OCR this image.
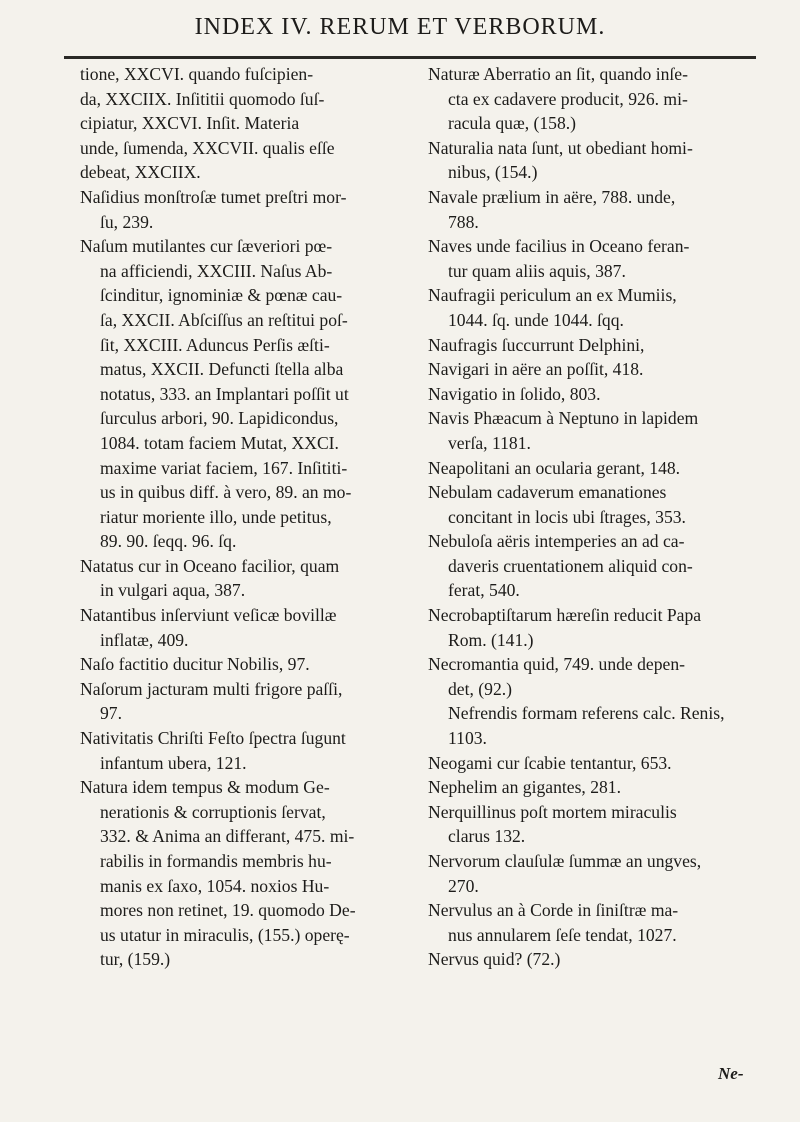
INDEX IV. RERUM ET VERBORUM.
tione, XXCVI. quando fuſcipien-
da, XXCIIX. Inſititii quomodo ſuſ-
cipiatur, XXCVI. Inſit. Materia
unde, ſumenda, XXCVII. qualis eſſe
debeat, XXCIIX.
Naſidius monſtroſæ tumet preſtri mor-
ſu, 239.
Naſum mutilantes cur ſæveriori pœ-
na afficiendi, XXCIII. Naſus Ab-
ſcinditur, ignominiæ & pœnæ cau-
ſa, XXCII. Abſciſſus an reſtitui poſ-
ſit, XXCIII. Aduncus Perſis æſti-
matus, XXCII. Defuncti ſtella alba
notatus, 333. an Implantari poſſit ut
ſurculus arbori, 90. Lapidicondus,
1084. totam faciem Mutat, XXCI.
maxime variat faciem, 167. Inſititi-
us in quibus diff. à vero, 89. an mo-
riatur moriente illo, unde petitus,
89. 90. ſeqq. 96. ſq.
Natatus cur in Oceano facilior, quam
in vulgari aqua, 387.
Natantibus inſerviunt veſicæ bovillæ
inflatæ, 409.
Naſo factitio ducitur Nobilis, 97.
Naſorum jacturam multi frigore paſſi,
97.
Nativitatis Chriſti Feſto ſpectra ſugunt
infantum ubera, 121.
Natura idem tempus & modum Ge-
nerationis & corruptionis ſervat,
332. & Anima an differant, 475. mi-
rabilis in formandis membris hu-
manis ex ſaxo, 1054. noxios Hu-
mores non retinet, 19. quomodo De-
us utatur in miraculis, (155.) operę-
tur, (159.)
Naturæ Aberratio an ſit, quando inſe-
cta ex cadavere producit, 926. mi-
racula quæ, (158.)
Naturalia nata ſunt, ut obediant homi-
nibus, (154.)
Navale prælium in aëre, 788. unde,
788.
Naves unde facilius in Oceano feran-
tur quam aliis aquis, 387.
Naufragii periculum an ex Mumiis,
1044. ſq. unde 1044. ſqq.
Naufragis ſuccurrunt Delphini,
Navigari in aëre an poſſit, 418.
Navigatio in ſolido, 803.
Navis Phæacum à Neptuno in lapidem
verſa, 1181.
Neapolitani an ocularia gerant, 148.
Nebulam cadaverum emanationes
concitant in locis ubi ſtrages, 353.
Nebuloſa aëris intemperies an ad ca-
daveris cruentationem aliquid con-
ferat, 540.
Necrobaptiſtarum hæreſin reducit Papa
Rom. (141.)
Necromantia quid, 749. unde depen-
det, (92.)
Nefrendis formam referens calc. Renis,
1103.
Neogami cur ſcabie tentantur, 653.
Nephelim an gigantes, 281.
Nerquillinus poſt mortem miraculis
clarus 132.
Nervorum clauſulæ ſummæ an ungves,
270.
Nervulus an à Corde in ſiniſtræ ma-
nus annularem ſeſe tendat, 1027.
Nervus quid? (72.)
Ne-
